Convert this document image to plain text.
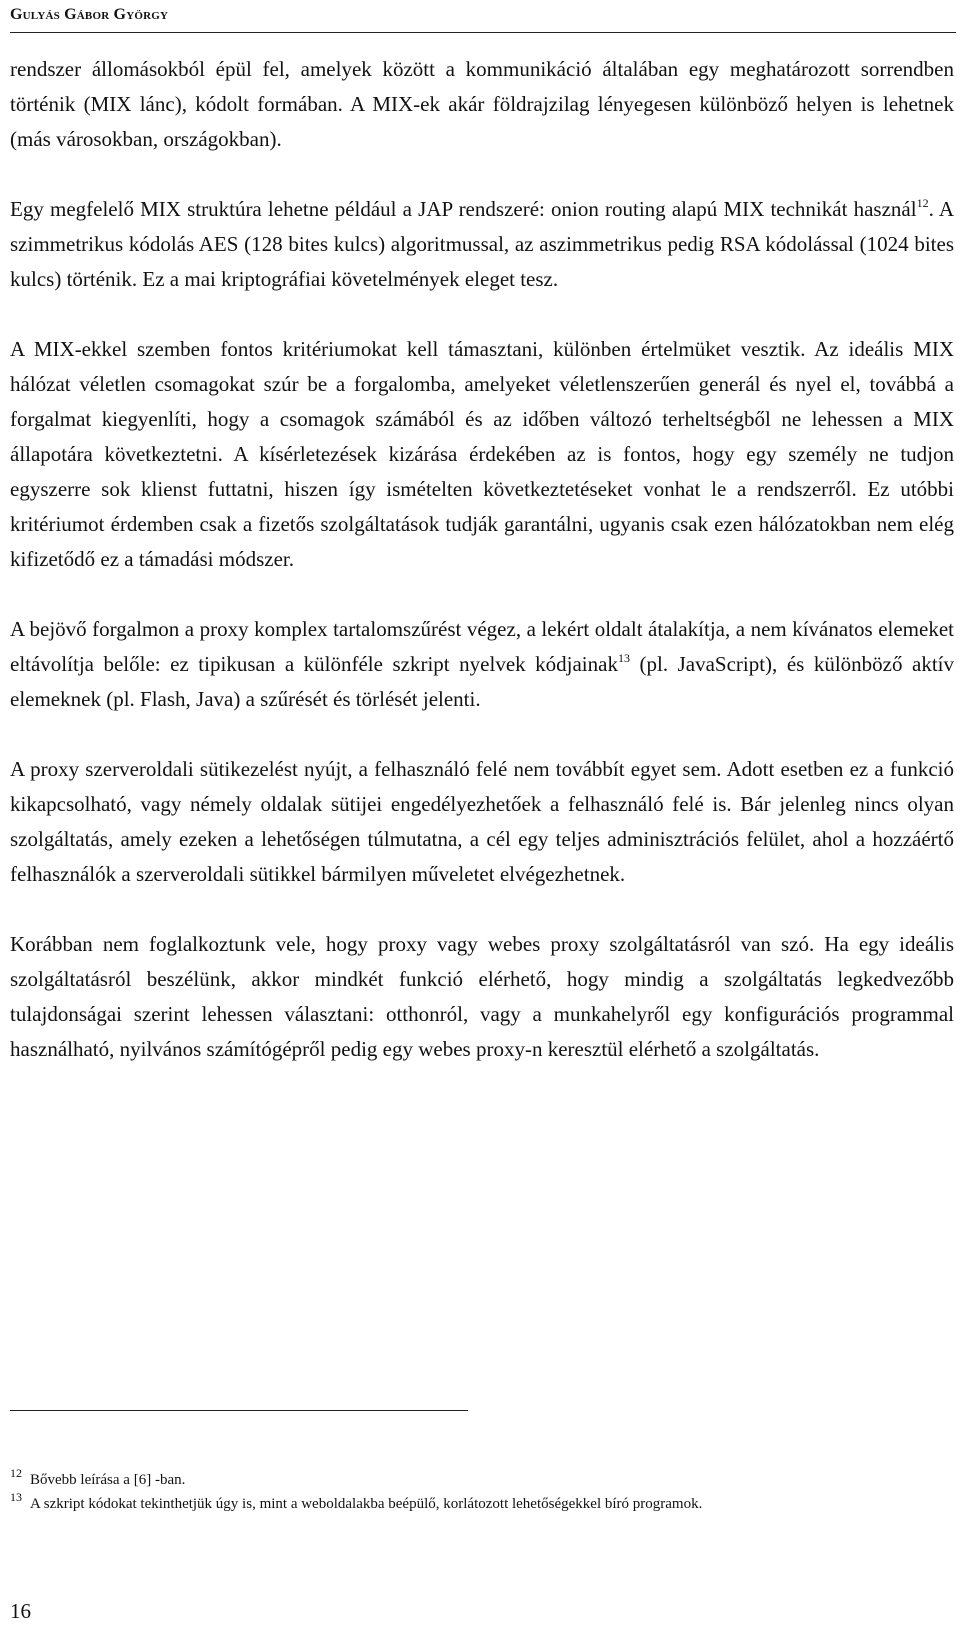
Gulyás Gábor György

rendszer állomásokból épül fel, amelyek között a kommunikáció általában egy meghatározott sorrendben történik (MIX lánc), kódolt formában. A MIX-ek akár földrajzilag lényegesen különböző helyen is lehetnek (más városokban, országokban).

Egy megfelelő MIX struktúra lehetne például a JAP rendszeré: onion routing alapú MIX technikát használ$^{12}$. A szimmetrikus kódolás AES (128 bites kulcs) algoritmussal, az aszimmetrikus pedig RSA kódolással (1024 bites kulcs) történik. Ez a mai kriptográfiai követelmények eleget tesz.

A MIX-ekkel szemben fontos kritériumokat kell támasztani, különben értelmüket vesztik. Az ideális MIX hálózat véletlen csomagokat szúr be a forgalomba, amelyeket véletlenszerűen generál és nyel el, továbbá a forgalmat kiegyenlíti, hogy a csomagok számából és az időben változó terheltségből ne lehessen a MIX állapotára következtetni. A kísérletezések kizárása érdekében az is fontos, hogy egy személy ne tudjon egyszerre sok klienst futtatni, hiszen így ismételten következtetéseket vonhat le a rendszerről. Ez utóbbi kritériumot érdemben csak a fizetős szolgáltatások tudják garantálni, ugyanis csak ezen hálózatokban nem elég kifizetődő ez a támadási módszer.

A bejövő forgalmon a proxy komplex tartalomszűrést végez, a lekért oldalt átalakítja, a nem kívánatos elemeket eltávolítja belőle: ez tipikusan a különféle szkript nyelvek kódjainak$^{13}$ (pl. JavaScript), és különböző aktív elemeknek (pl. Flash, Java) a szűrését és törlését jelenti.

A proxy szerveroldali sütikezelést nyújt, a felhasználó felé nem továbbít egyet sem. Adott esetben ez a funkció kikapcsolható, vagy némely oldalak sütijei engedélyezhetőek a felhasználó felé is. Bár jelenleg nincs olyan szolgáltatás, amely ezeken a lehetőségen túlmutatna, a cél egy teljes adminisztrációs felület, ahol a hozzáértő felhasználók a szerveroldali sütikkel bármilyen műveletet elvégezhetnek.

Korábban nem foglalkoztunk vele, hogy proxy vagy webes proxy szolgáltatásról van szó. Ha egy ideális szolgáltatásról beszélünk, akkor mindkét funkció elérhető, hogy mindig a szolgáltatás legkedvezőbb tulajdonságai szerint lehessen választani: otthonról, vagy a munkahelyről egy konfigurációs programmal használható, nyilvános számítógépről pedig egy webes proxy-n keresztül elérhető a szolgáltatás.

12 Bővebb leírása a [6] -ban.
13 A szkript kódokat tekinthetjük úgy is, mint a weboldalakba beépülő, korlátozott lehetőségekkel bíró programok.
16
